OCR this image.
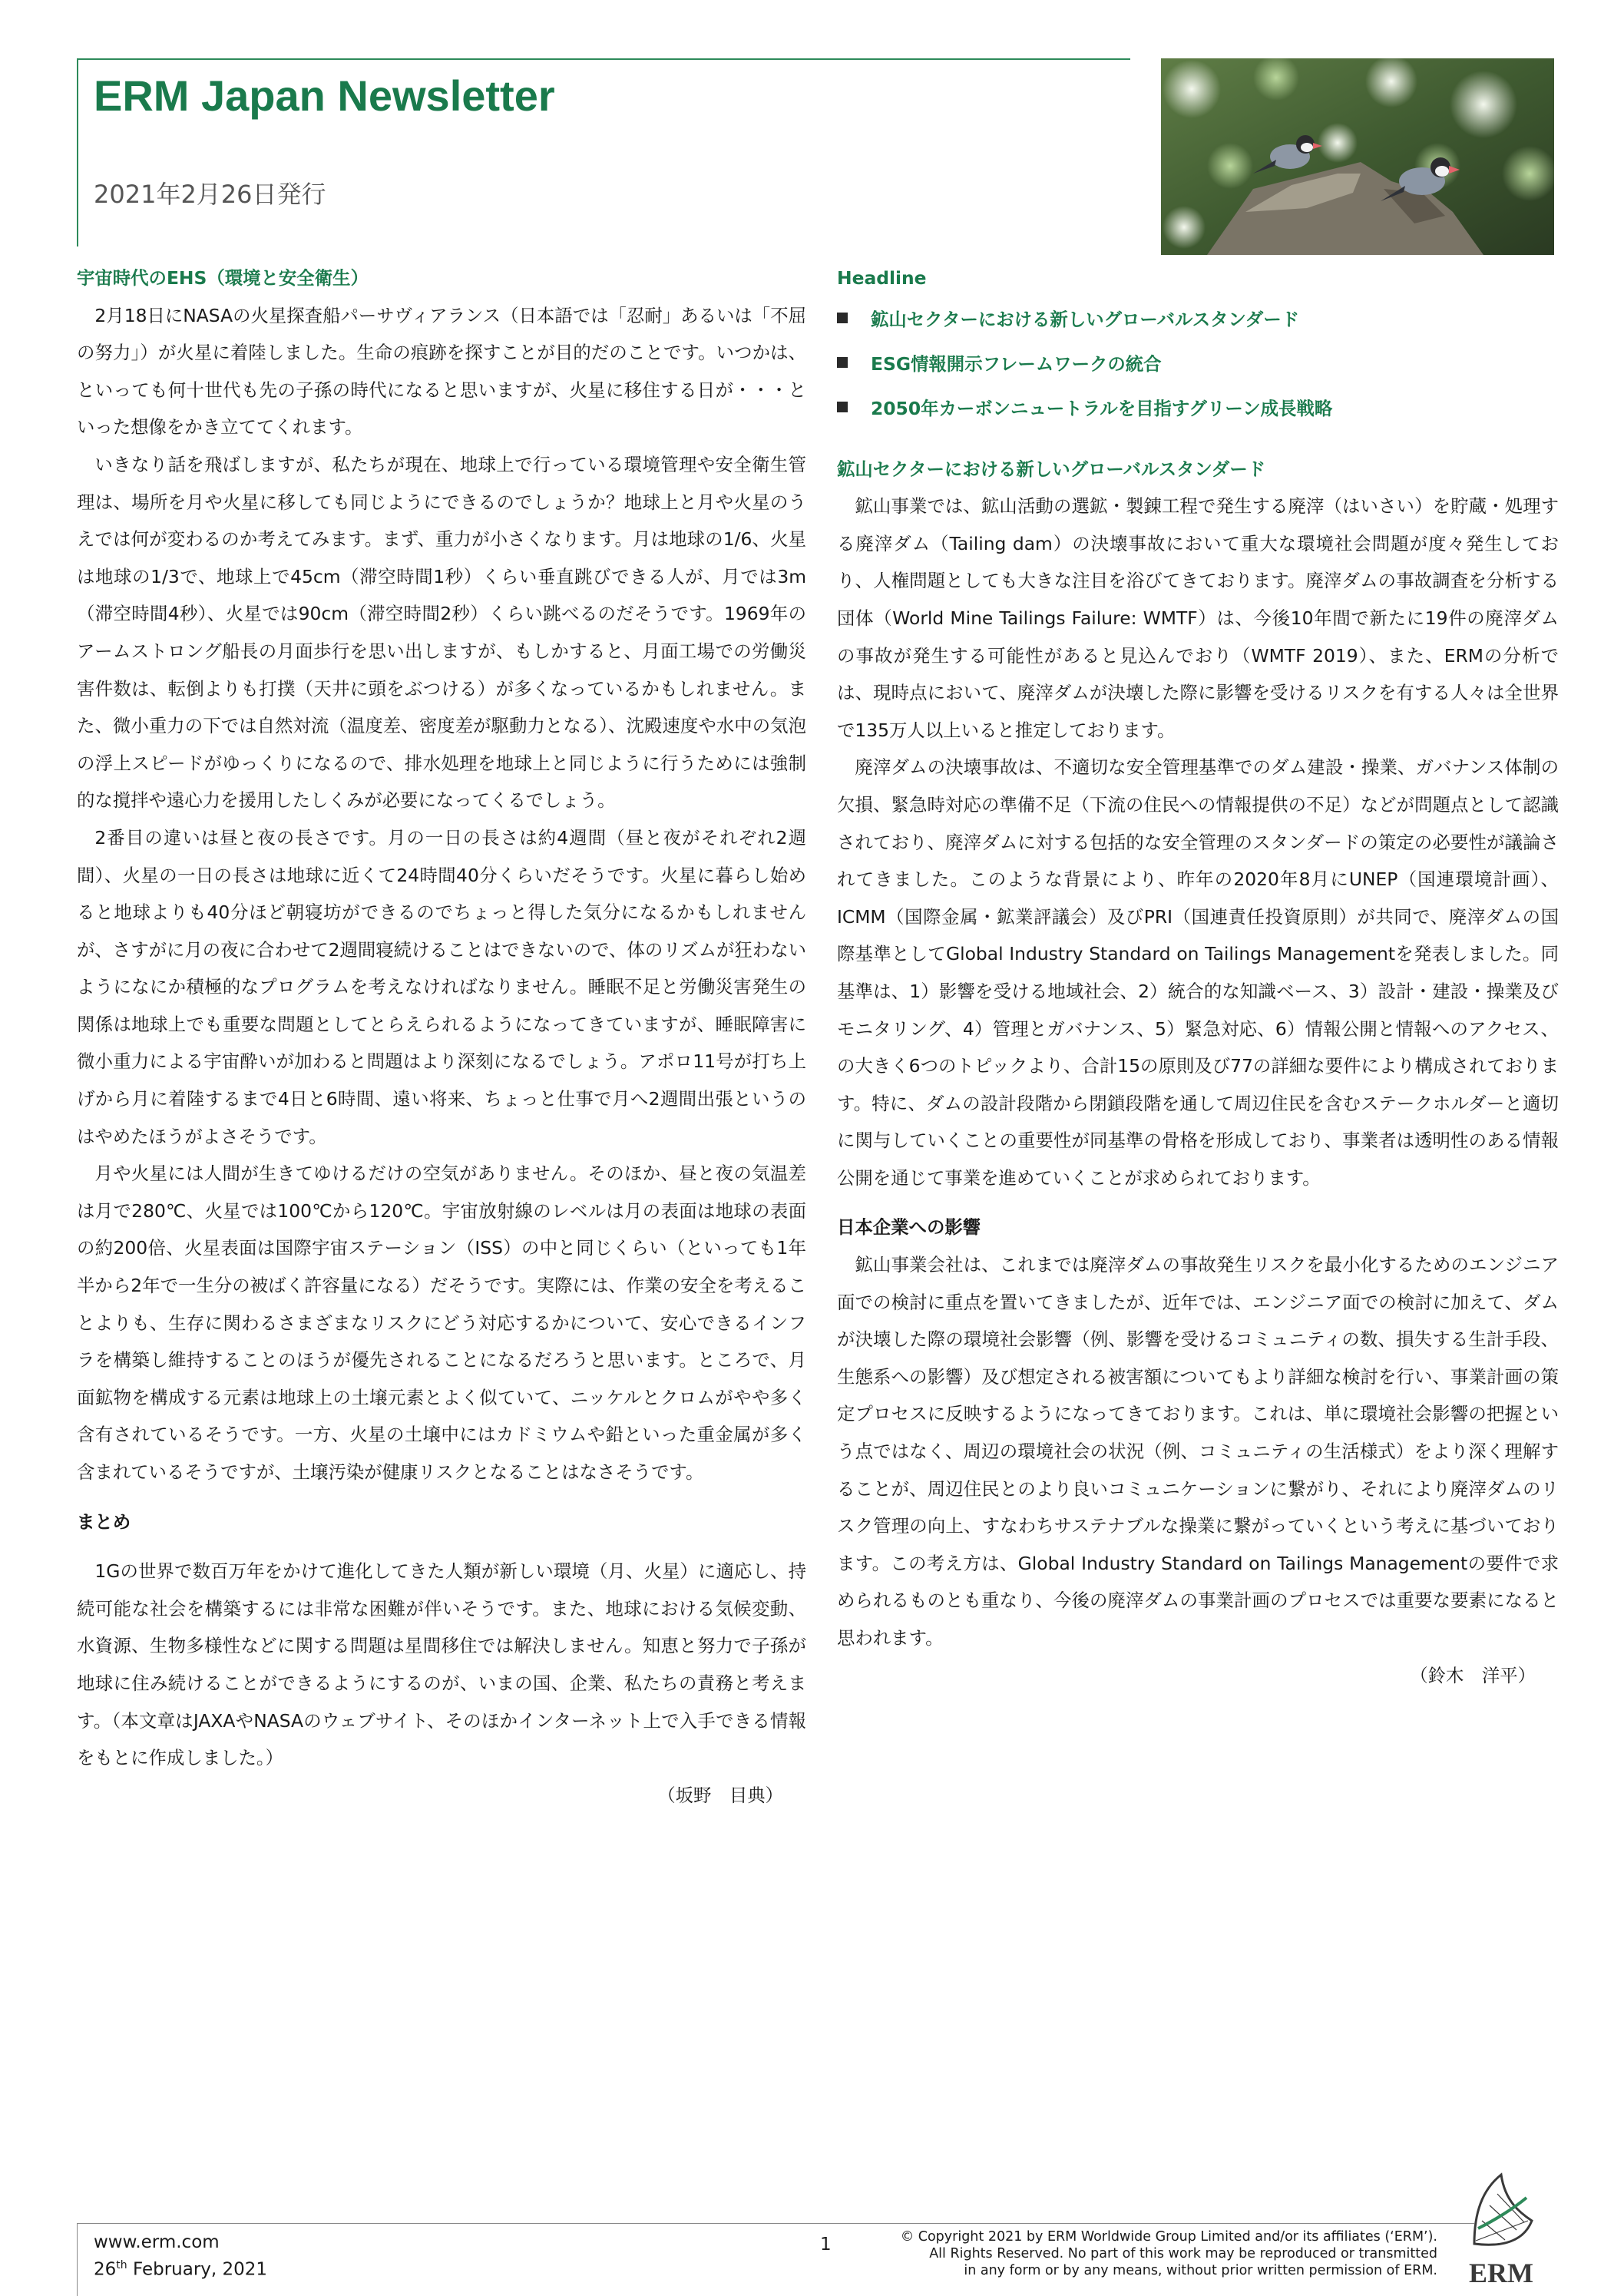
ERM Japan Newsletter
2021年2月26日発行

宇宙時代のEHS（環境と安全衛生）

2月18日にNASAの火星探査船パーサヴィアランス（日本語では「忍耐」あるいは「不屈の努力」）が火星に着陸しました。生命の痕跡を探すことが目的だのことです。いつかは、といっても何十世代も先の子孫の時代になると思いますが、火星に移住する日が・・・といった想像をかき立ててくれます。

いきなり話を飛ばしますが、私たちが現在、地球上で行っている環境管理や安全衛生管理は、場所を月や火星に移しても同じようにできるのでしょうか？地球上と月や火星のうえでは何が変わるのか考えてみます。まず、重力が小さくなります。月は地球の1/6、火星は地球の1/3で、地球上で45cm（滞空時間1秒）くらい垂直跳びできる人が、月では3m（滞空時間4秒）、火星では90cm（滞空時間2秒）くらい跳べるのだそうです。1969年のアームストロング船長の月面歩行を思い出しますが、もしかすると、月面工場での労働災害件数は、転倒よりも打撲（天井に頭をぶつける）が多くなっているかもしれません。また、微小重力の下では自然対流（温度差、密度差が駆動力となる）、沈殿速度や水中の気泡の浮上スピードがゆっくりになるので、排水処理を地球上と同じように行うためには強制的な撹拌や遠心力を援用したしくみが必要になってくるでしょう。

2番目の違いは昼と夜の長さです。月の一日の長さは約4週間（昼と夜がそれぞれ2週間）、火星の一日の長さは地球に近くて24時間40分くらいだそうです。火星に暮らし始めると地球よりも40分ほど朝寝坊ができるのでちょっと得した気分になるかもしれませんが、さすがに月の夜に合わせて2週間寝続けることはできないので、体のリズムが狂わないようになにか積極的なプログラムを考えなければなりません。睡眠不足と労働災害発生の関係は地球上でも重要な問題としてとらえられるようになってきていますが、睡眠障害に微小重力による宇宙酔いが加わると問題はより深刻になるでしょう。アポロ11号が打ち上げから月に着陸するまで4日と6時間、遠い将来、ちょっと仕事で月へ2週間出張というのはやめたほうがよさそうです。

月や火星には人間が生きてゆけるだけの空気がありません。そのほか、昼と夜の気温差は月で280℃、火星では100℃から120℃。宇宙放射線のレベルは月の表面は地球の表面の約200倍、火星表面は国際宇宙ステーション（ISS）の中と同じくらい（といっても1年半から2年で一生分の被ばく許容量になる）だそうです。実際には、作業の安全を考えることよりも、生存に関わるさまざまなリスクにどう対応するかについて、安心できるインフラを構築し維持することのほうが優先されることになるだろうと思います。ところで、月面鉱物を構成する元素は地球上の土壌元素とよく似ていて、ニッケルとクロムがやや多く含有されているそうです。一方、火星の土壌中にはカドミウムや鉛といった重金属が多く含まれているそうですが、土壌汚染が健康リスクとなることはなさそうです。

まとめ

1Gの世界で数百万年をかけて進化してきた人類が新しい環境（月、火星）に適応し、持続可能な社会を構築するには非常な困難が伴いそうです。また、地球における気候変動、水資源、生物多様性などに関する問題は星間移住では解決しません。知恵と努力で子孫が地球に住み続けることができるようにするのが、いまの国、企業、私たちの責務と考えます。（本文章はJAXAやNASAのウェブサイト、そのほかインターネット上で入手できる情報をもとに作成しました。）

（坂野　目典）

Headline

鉱山セクターにおける新しいグローバルスタンダード
ESG情報開示フレームワークの統合
2050年カーボンニュートラルを目指すグリーン成長戦略

鉱山セクターにおける新しいグローバルスタンダード

鉱山事業では、鉱山活動の選鉱・製錬工程で発生する廃滓（はいさい）を貯蔵・処理する廃滓ダム（Tailing dam）の決壊事故において重大な環境社会問題が度々発生しており、人権問題としても大きな注目を浴びてきております。廃滓ダムの事故調査を分析する団体（World Mine Tailings Failure: WMTF）は、今後10年間で新たに19件の廃滓ダムの事故が発生する可能性があると見込んでおり（WMTF 2019）、また、ERMの分析では、現時点において、廃滓ダムが決壊した際に影響を受けるリスクを有する人々は全世界で135万人以上いると推定しております。

廃滓ダムの決壊事故は、不適切な安全管理基準でのダム建設・操業、ガバナンス体制の欠損、緊急時対応の準備不足（下流の住民への情報提供の不足）などが問題点として認識されており、廃滓ダムに対する包括的な安全管理のスタンダードの策定の必要性が議論されてきました。このような背景により、昨年の2020年8月にUNEP（国連環境計画）、ICMM（国際金属・鉱業評議会）及びPRI（国連責任投資原則）が共同で、廃滓ダムの国際基準としてGlobal Industry Standard on Tailings Managementを発表しました。同基準は、1）影響を受ける地域社会、2）統合的な知識ベース、3）設計・建設・操業及びモニタリング、4）管理とガバナンス、5）緊急対応、6）情報公開と情報へのアクセス、の大きく6つのトピックより、合計15の原則及び77の詳細な要件により構成されております。特に、ダムの設計段階から閉鎖段階を通して周辺住民を含むステークホルダーと適切に関与していくことの重要性が同基準の骨格を形成しており、事業者は透明性のある情報公開を通じて事業を進めていくことが求められております。

日本企業への影響

鉱山事業会社は、これまでは廃滓ダムの事故発生リスクを最小化するためのエンジニア面での検討に重点を置いてきましたが、近年では、エンジニア面での検討に加えて、ダムが決壊した際の環境社会影響（例、影響を受けるコミュニティの数、損失する生計手段、生態系への影響）及び想定される被害額についてもより詳細な検討を行い、事業計画の策定プロセスに反映するようになってきております。これは、単に環境社会影響の把握という点ではなく、周辺の環境社会の状況（例、コミュニティの生活様式）をより深く理解することが、周辺住民とのより良いコミュニケーションに繋がり、それにより廃滓ダムのリスク管理の向上、すなわちサステナブルな操業に繋がっていくという考えに基づいております。この考え方は、Global Industry Standard on Tailings Managementの要件で求められるものとも重なり、今後の廃滓ダムの事業計画のプロセスでは重要な要素になると思われます。

（鈴木　洋平）

www.erm.com
26th February, 2021
1	© Copyright 2021 by ERM Worldwide Group Limited and/or its affiliates (‘ERM’).
All Rights Reserved. No part of this work may be reproduced or transmitted
in any form or by any means, without prior written permission of ERM. ERM
